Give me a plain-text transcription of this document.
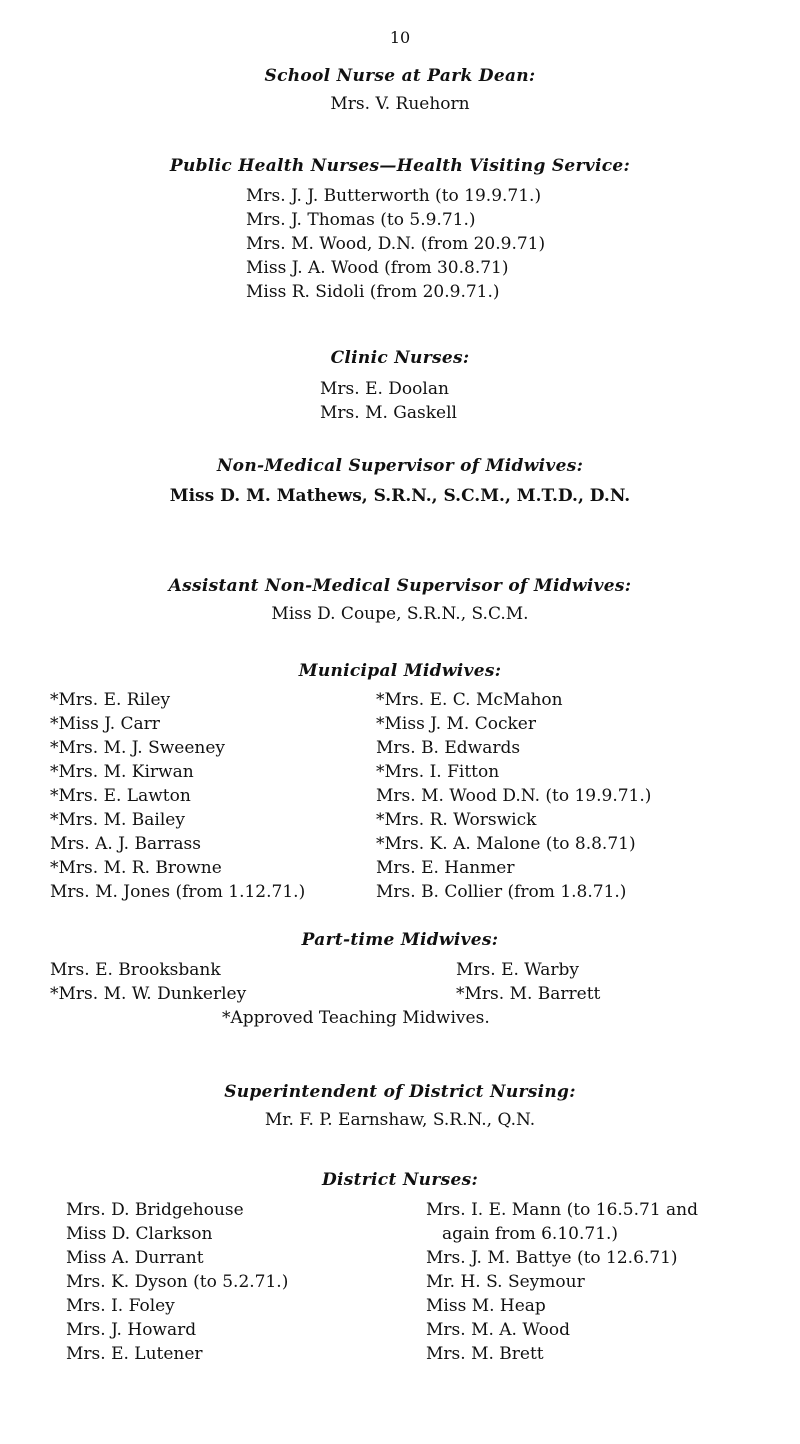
10
School Nurse at Park Dean:
Mrs. V. Ruehorn
Public Health Nurses—Health Visiting Service:
Mrs. J. J. Butterworth (to 19.9.71.)
Mrs. J. Thomas (to 5.9.71.)
Mrs. M. Wood, D.N. (from 20.9.71)
Miss J. A. Wood (from 30.8.71)
Miss R. Sidoli (from 20.9.71.)
Clinic Nurses:
Mrs. E. Doolan
Mrs. M. Gaskell
Non-Medical Supervisor of Midwives:
Miss D. M. Mathews, S.R.N., S.C.M., M.T.D., D.N.
Assistant Non-Medical Supervisor of Midwives:
Miss D. Coupe, S.R.N., S.C.M.
Municipal Midwives:
*Mrs. E. Riley
*Miss J. Carr
*Mrs. M. J. Sweeney
*Mrs. M. Kirwan
*Mrs. E. Lawton
*Mrs. M. Bailey
Mrs. A. J. Barrass
*Mrs. M. R. Browne
Mrs. M. Jones (from 1.12.71.)
*Mrs. E. C. McMahon
*Miss J. M. Cocker
Mrs. B. Edwards
*Mrs. I. Fitton
Mrs. M. Wood D.N. (to 19.9.71.)
*Mrs. R. Worswick
*Mrs. K. A. Malone (to 8.8.71)
Mrs. E. Hanmer
Mrs. B. Collier (from 1.8.71.)
Part-time Midwives:
Mrs. E. Brooksbank
*Mrs. M. W. Dunkerley
Mrs. E. Warby
*Mrs. M. Barrett
*Approved Teaching Midwives.
Superintendent of District Nursing:
Mr. F. P. Earnshaw, S.R.N., Q.N.
District Nurses:
Mrs. D. Bridgehouse
Miss D. Clarkson
Miss A. Durrant
Mrs. K. Dyson (to 5.2.71.)
Mrs. I. Foley
Mrs. J. Howard
Mrs. E. Lutener
Mrs. I. E. Mann (to 16.5.71 and
again from 6.10.71.)
Mrs. J. M. Battye (to 12.6.71)
Mr. H. S. Seymour
Miss M. Heap
Mrs. M. A. Wood
Mrs. M. Brett
